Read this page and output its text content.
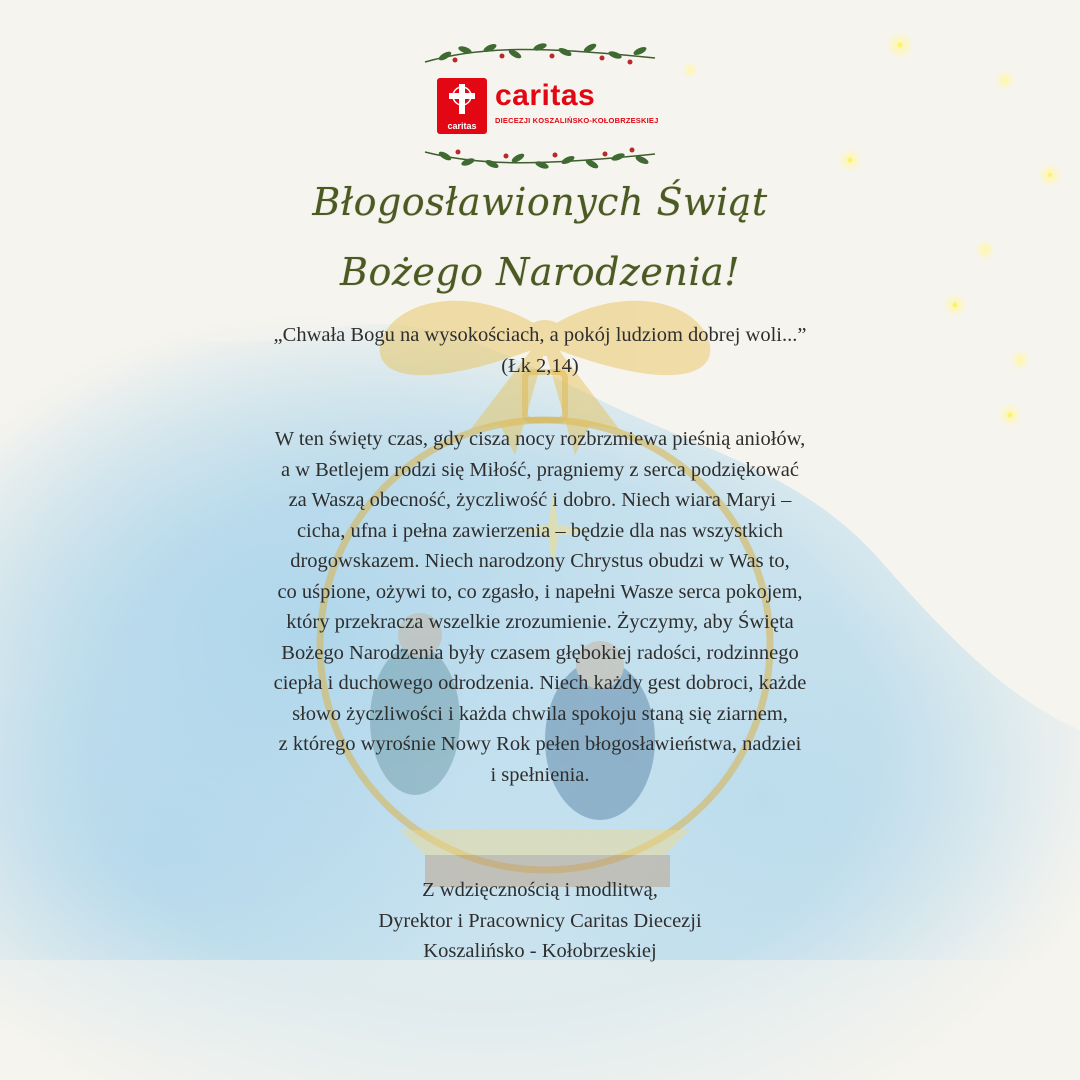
caritas
caritas
DIECEZJI KOSZALIŃSKO-KOŁOBRZESKIEJ
Błogosławionych Świąt
Bożego Narodzenia!
„Chwała Bogu na wysokościach, a pokój ludziom dobrej woli...”
(Łk 2,14)
W ten święty czas, gdy cisza nocy rozbrzmiewa pieśnią aniołów,
a w Betlejem rodzi się Miłość, pragniemy z serca podziękować
za Waszą obecność, życzliwość i dobro. Niech wiara Maryi –
cicha, ufna i pełna zawierzenia – będzie dla nas wszystkich
drogowskazem. Niech narodzony Chrystus obudzi w Was to,
co uśpione, ożywi to, co zgasło, i napełni Wasze serca pokojem,
który przekracza wszelkie zrozumienie. Życzymy, aby Święta
Bożego Narodzenia były czasem głębokiej radości, rodzinnego
ciepła i duchowego odrodzenia. Niech każdy gest dobroci, każde
słowo życzliwości i każda chwila spokoju staną się ziarnem,
z którego wyrośnie Nowy Rok pełen błogosławieństwa, nadziei
i spełnienia.
Z wdzięcznością i modlitwą,
Dyrektor i Pracownicy Caritas Diecezji
Koszalińsko - Kołobrzeskiej
